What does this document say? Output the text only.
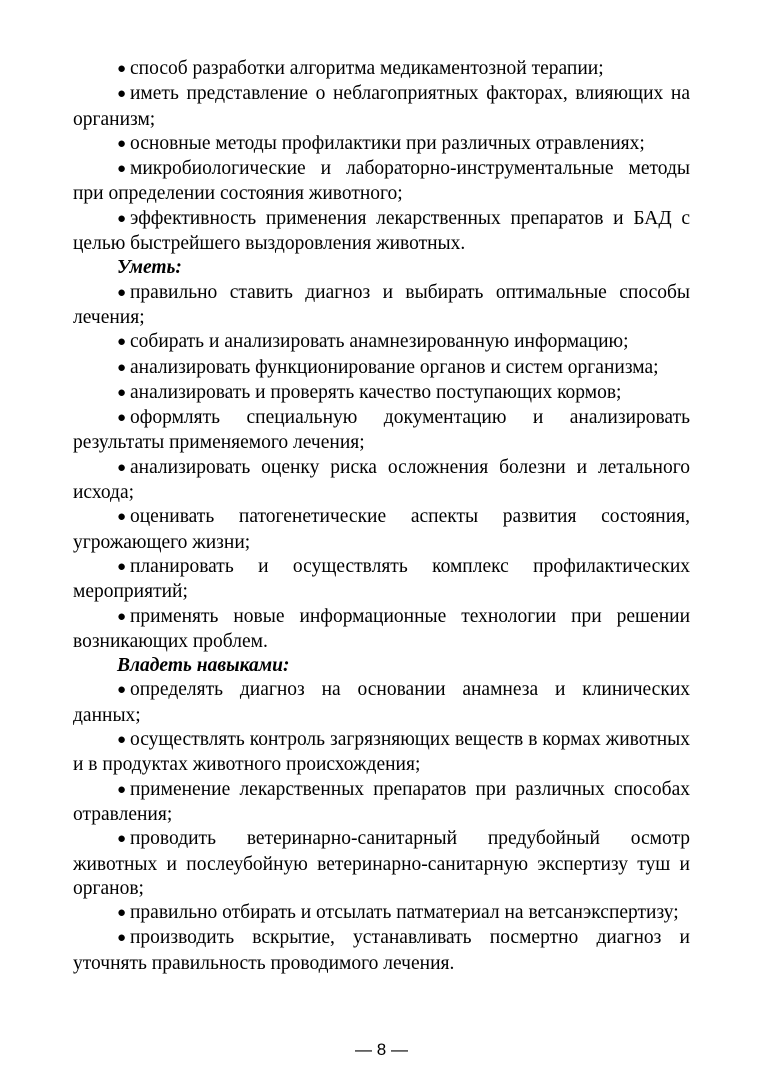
● способ разработки алгоритма медикаментозной терапии;

● иметь представление о неблагоприятных факторах, влияющих на организм;

● основные методы профилактики при различных отравлениях;

● микробиологические и лабораторно-инструментальные методы при определении состояния животного;

● эффективность применения лекарственных препаратов и БАД с целью быстрейшего выздоровления животных.

Уметь:

● правильно ставить диагноз и выбирать оптимальные способы лечения;

● собирать и анализировать анамнезированную информацию;

● анализировать функционирование органов и систем организма;

● анализировать и проверять качество поступающих кормов;

● оформлять специальную документацию и анализировать результаты применяемого лечения;

● анализировать оценку риска осложнения болезни и летального исхода;

● оценивать патогенетические аспекты развития состояния, угрожающего жизни;

● планировать и осуществлять комплекс профилактических мероприятий;

● применять новые информационные технологии при решении возникающих проблем.

Владеть навыками:

● определять диагноз на основании анамнеза и клинических данных;

● осуществлять контроль загрязняющих веществ в кормах животных и в продуктах животного происхождения;

● применение лекарственных препаратов при различных способах отравления;

● проводить ветеринарно-санитарный предубойный осмотр животных и послеубойную ветеринарно-санитарную экспертизу туш и органов;

● правильно отбирать и отсылать патматериал на ветсанэкспертизу;

● производить вскрытие, устанавливать посмертно диагноз и уточнять правильность проводимого лечения.

— 8 —
